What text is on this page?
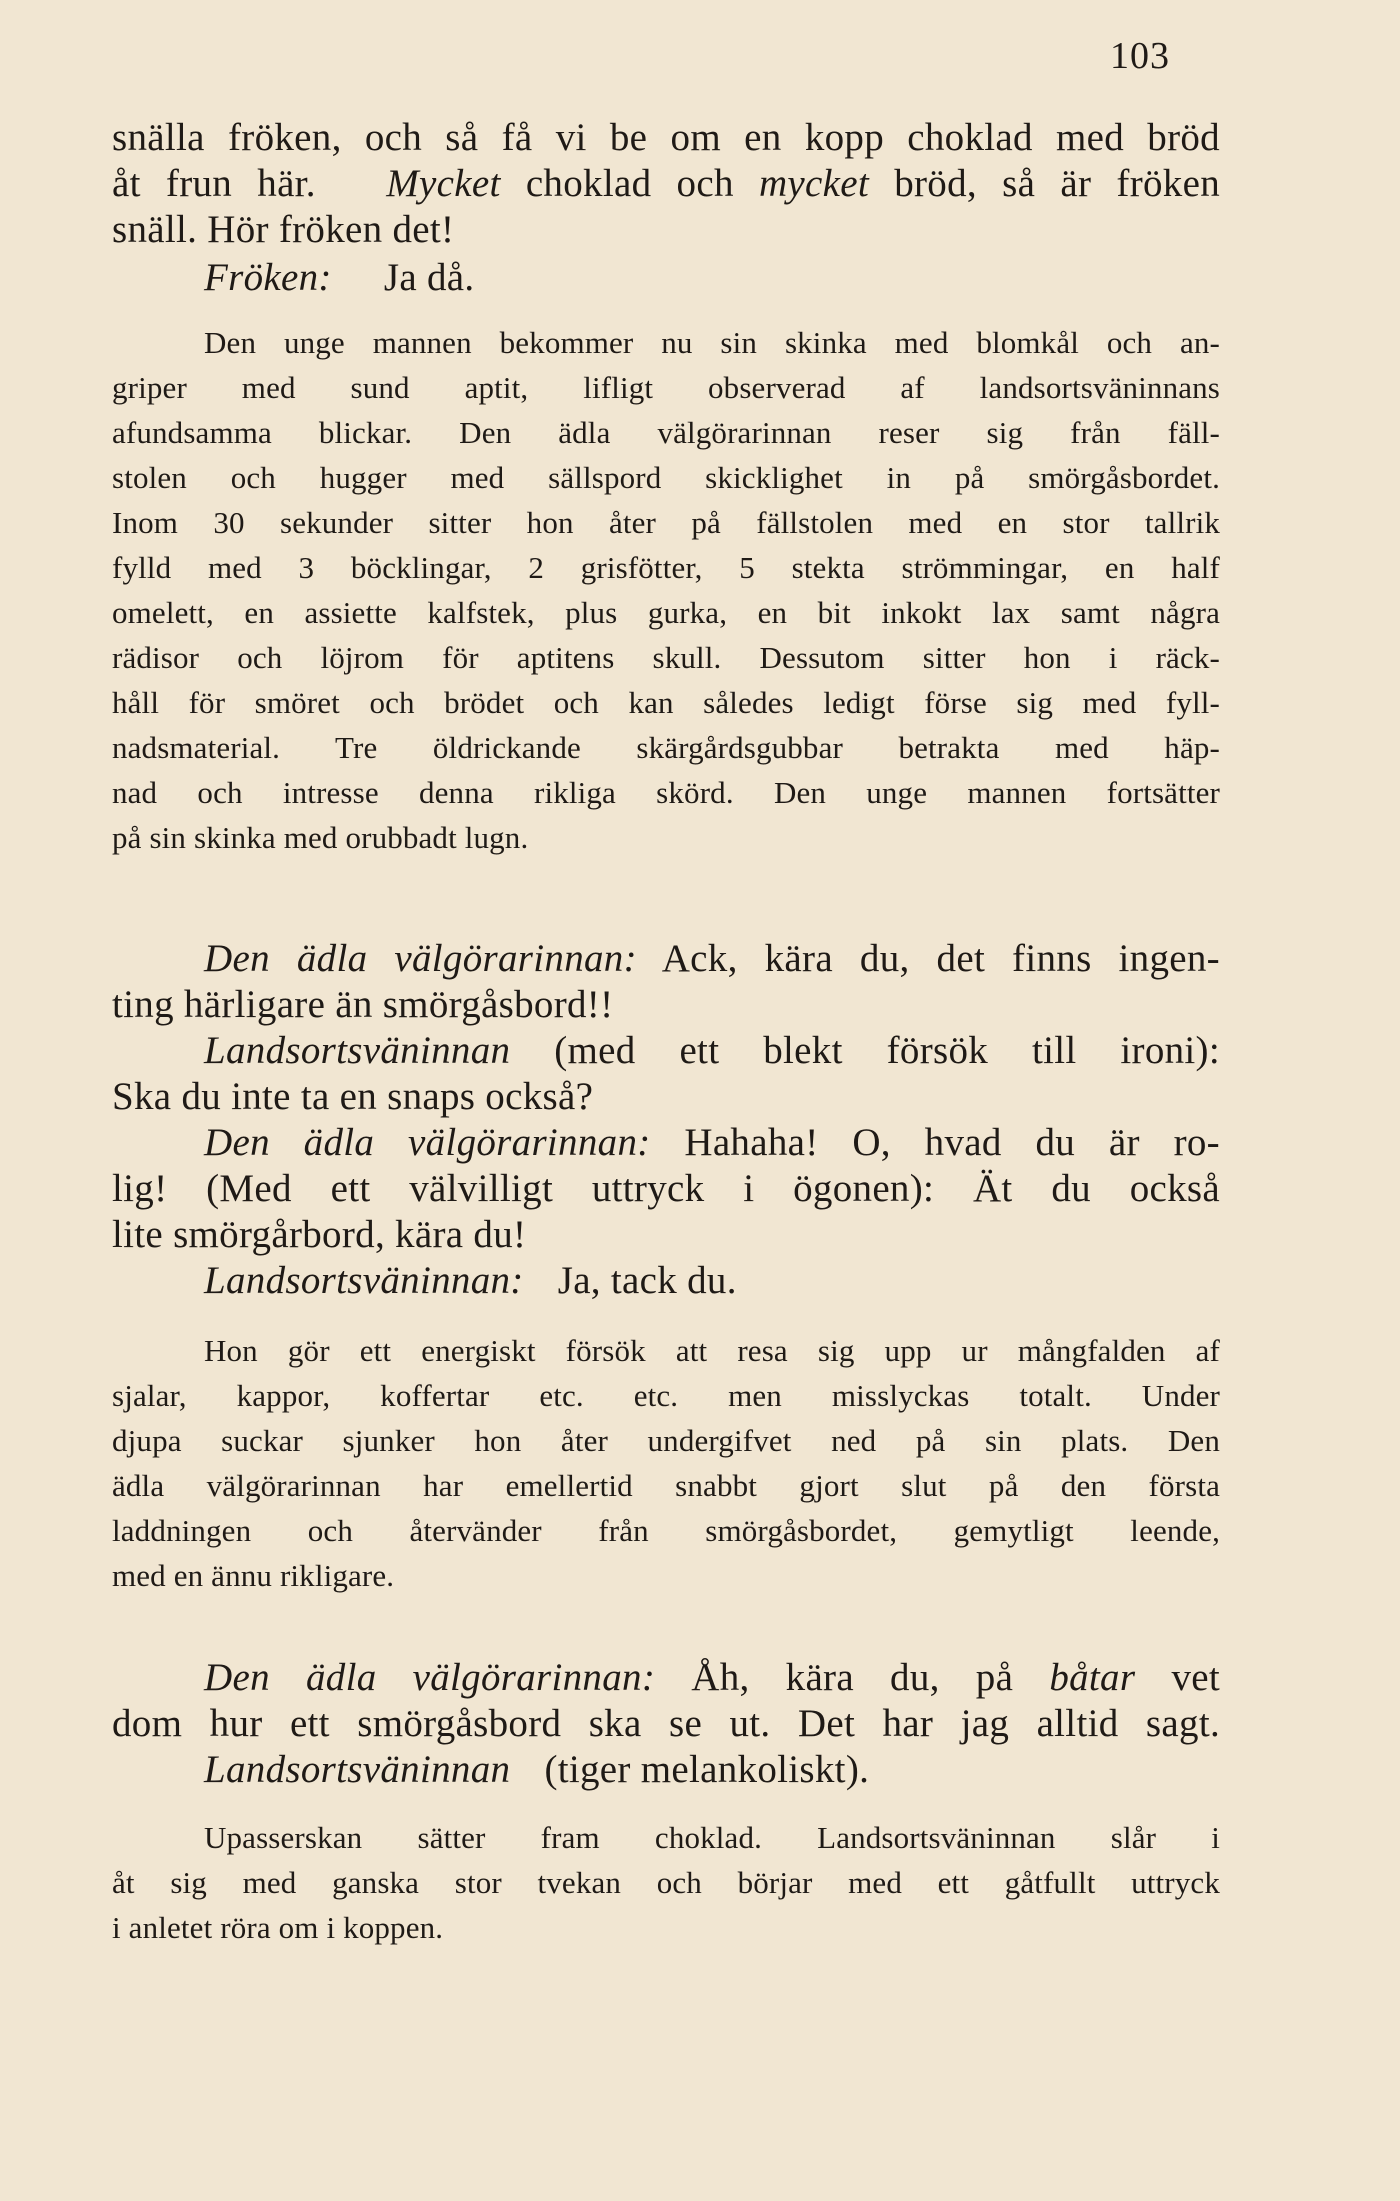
103
snälla fröken, och så få vi be om en kopp choklad med bröd
åt frun här. Mycket choklad och mycket bröd, så är fröken
snäll. Hör fröken det!
Fröken: Ja då.
Den unge mannen bekommer nu sin skinka med blomkål och an-
griper med sund aptit, lifligt observerad af landsortsväninnans
afundsamma blickar. Den ädla välgörarinnan reser sig från fäll-
stolen och hugger med sällspord skicklighet in på smörgåsbordet.
Inom 30 sekunder sitter hon åter på fällstolen med en stor tallrik
fylld med 3 böcklingar, 2 grisfötter, 5 stekta strömmingar, en half
omelett, en assiette kalfstek, plus gurka, en bit inkokt lax samt några
rädisor och löjrom för aptitens skull. Dessutom sitter hon i räck-
håll för smöret och brödet och kan således ledigt förse sig med fyll-
nadsmaterial. Tre öldrickande skärgårdsgubbar betrakta med häp-
nad och intresse denna rikliga skörd. Den unge mannen fortsätter
på sin skinka med orubbadt lugn.
Den ädla välgörarinnan: Ack, kära du, det finns ingen-
ting härligare än smörgåsbord!!
Landsortsväninnan (med ett blekt försök till ironi):
Ska du inte ta en snaps också?
Den ädla välgörarinnan: Hahaha! O, hvad du är ro-
lig! (Med ett välvilligt uttryck i ögonen): Ät du också
lite smörgårbord, kära du!
Landsortsväninnan: Ja, tack du.
Hon gör ett energiskt försök att resa sig upp ur mångfalden af
sjalar, kappor, koffertar etc. etc. men misslyckas totalt. Under
djupa suckar sjunker hon åter undergifvet ned på sin plats. Den
ädla välgörarinnan har emellertid snabbt gjort slut på den första
laddningen och återvänder från smörgåsbordet, gemytligt leende,
med en ännu rikligare.
Den ädla välgörarinnan: Åh, kära du, på båtar vet
dom hur ett smörgåsbord ska se ut. Det har jag alltid sagt.
Landsortsväninnan (tiger melankoliskt).
Upasserskan sätter fram choklad. Landsortsväninnan slår i
åt sig med ganska stor tvekan och börjar med ett gåtfullt uttryck
i anletet röra om i koppen.
